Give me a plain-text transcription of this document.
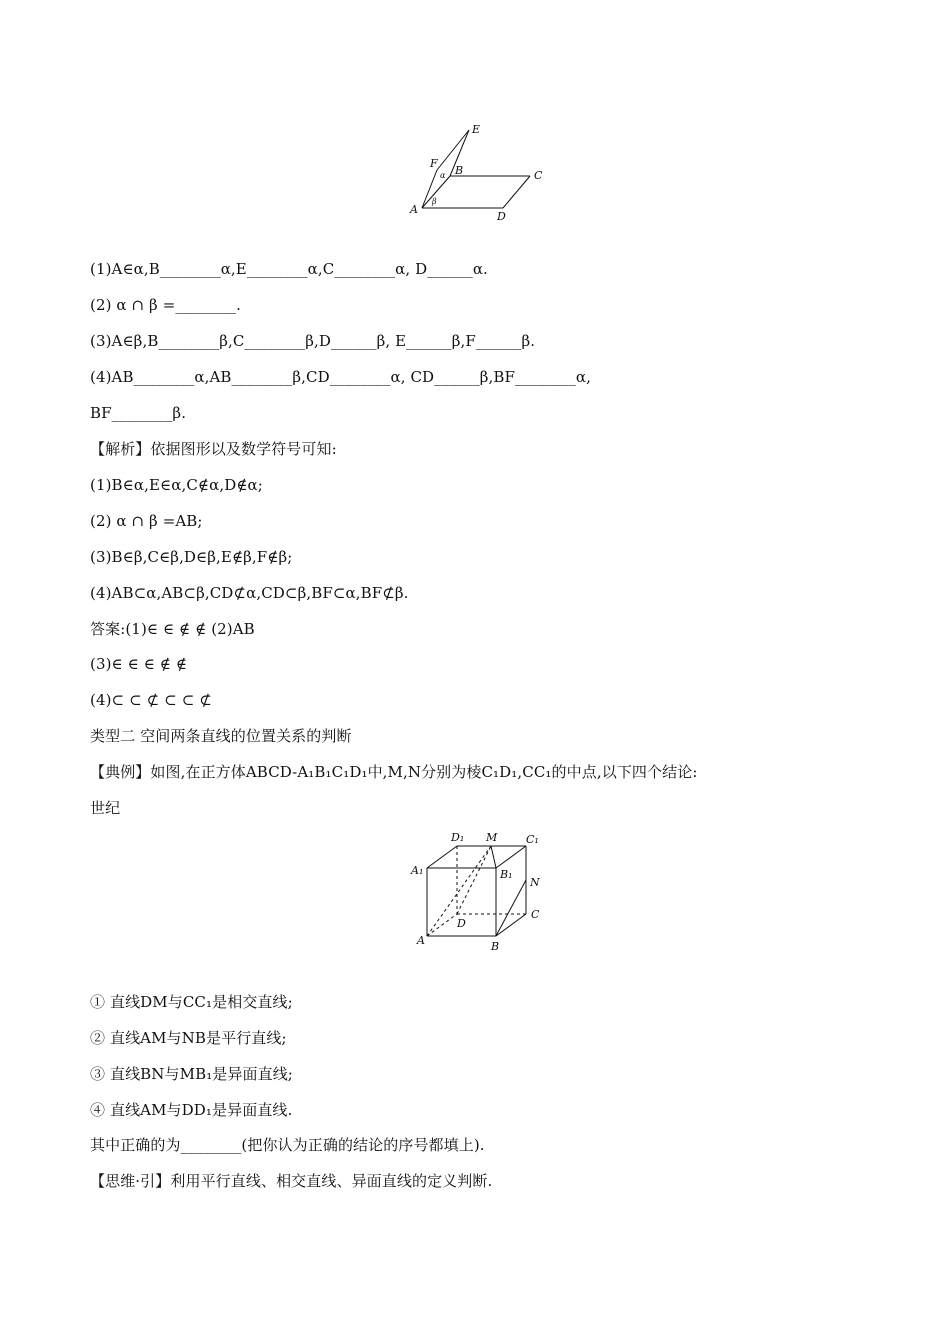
E
F
B	C
A
D
α
β
(1)A∈α,B________α,E________α,C________α, D______α.
(2) α ∩ β =________.
(3)A∈β,B________β,C________β,D______β, E______β,F______β.
(4)AB________α,AB________β,CD________α, CD______β,BF________α,
BF________β.
【解析】依据图形以及数学符号可知:
(1)B∈α,E∈α,C∉α,D∉α;
(2) α ∩ β =AB;
(3)B∈β,C∈β,D∈β,E∉β,F∉β;
(4)AB⊂α,AB⊂β,CD⊄α,CD⊂β,BF⊂α,BF⊄β.
答案:(1)∈ ∈ ∉ ∉ (2)AB
(3)∈ ∈ ∈ ∉ ∉
(4)⊂ ⊂ ⊄ ⊂ ⊂ ⊄
类型二 空间两条直线的位置关系的判断
【典例】如图,在正方体ABCD-A₁B₁C₁D₁中,M,N分别为棱C₁D₁,CC₁的中点,以下四个结论:
世纪
D₁ M	C₁
A₁	B₁
N
C
D
A	B
① 直线DM与CC₁是相交直线;
② 直线AM与NB是平行直线;
③ 直线BN与MB₁是异面直线;
④ 直线AM与DD₁是异面直线.
其中正确的为________(把你认为正确的结论的序号都填上).
【思维·引】利用平行直线、相交直线、异面直线的定义判断.
